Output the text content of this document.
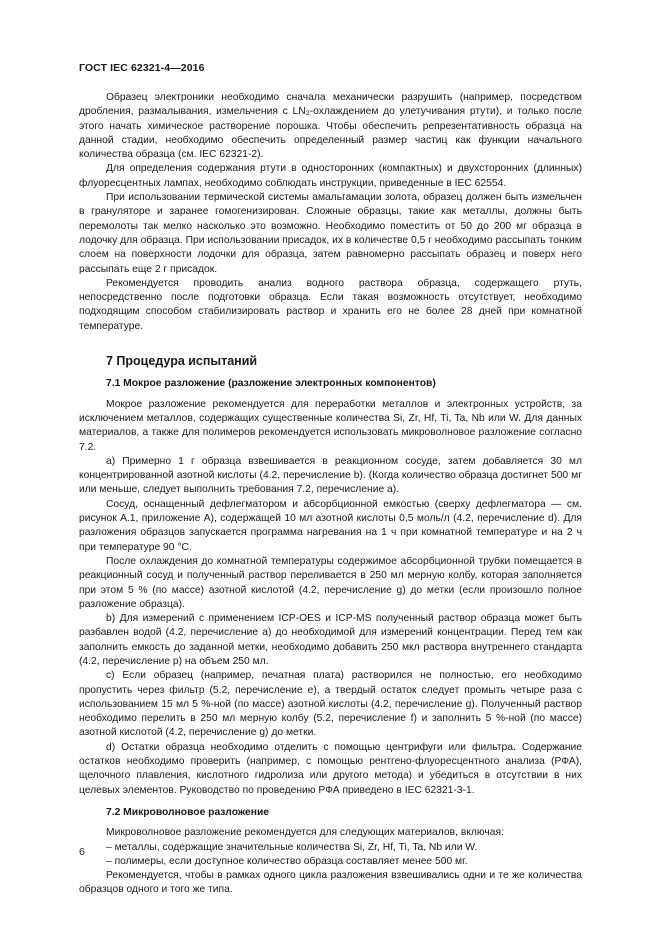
ГОСТ IEC 62321-4—2016

Образец электроники необходимо сначала механически разрушить (например, посредством дробления, размалывания, измельчения с LN₂-охлаждением до улетучивания ртути), и только после этого начать химическое растворение порошка. Чтобы обеспечить репрезентативность образца на данной стадии, необходимо обеспечить определенный размер частиц как функции начального количества образца (см. IEC 62321-2).

Для определения содержания ртути в односторонних (компактных) и двухсторонних (длинных) флуоресцентных лампах, необходимо соблюдать инструкции, приведенные в IEC 62554.

При использовании термической системы амальгамации золота, образец должен быть измельчен в грануляторе и заранее гомогенизирован. Сложные образцы, такие как металлы, должны быть перемолоты так мелко насколько это возможно. Необходимо поместить от 50 до 200 мг образца в лодочку для образца. При использовании присадок, их в количестве 0,5 г необходимо рассыпать тонким слоем на поверхности лодочки для образца, затем равномерно рассыпать образец и поверх него рассыпать еще 2 г присадок.

Рекомендуется проводить анализ водного раствора образца, содержащего ртуть, непосредственно после подготовки образца. Если такая возможность отсутствует, необходимо подходящим способом стабилизировать раствор и хранить его не более 28 дней при комнатной температуре.

7 Процедура испытаний
7.1 Мокрое разложение (разложение электронных компонентов)

Мокрое разложение рекомендуется для переработки металлов и электронных устройств, за исключением металлов, содержащих существенные количества Si, Zr, Hf, Ti, Ta, Nb или W. Для данных материалов, а также для полимеров рекомендуется использовать микроволновое разложение согласно 7.2.

а) Примерно 1 г образца взвешивается в реакционном сосуде, затем добавляется 30 мл концентрированной азотной кислоты (4.2, перечисление b). (Когда количество образца достигнет 500 мг или меньше, следует выполнить требования 7.2, перечисление а).

Сосуд, оснащенный дефлегматором и абсорбционной емкостью (сверху дефлегматора — см. рисунок А.1, приложение А), содержащей 10 мл азотной кислоты 0,5 моль/л (4.2, перечисление d). Для разложения образцов запускается программа нагревания на 1 ч при комнатной температуре и на 2 ч при температуре 90 °С.

После охлаждения до комнатной температуры содержимое абсорбционной трубки помещается в реакционный сосуд и полученный раствор переливается в 250 мл мерную колбу, которая заполняется при этом 5 % (по массе) азотной кислотой (4.2, перечисление g) до метки (если произошло полное разложение образца).

b) Для измерений с применением ICP-OES и ICP-MS полученный раствор образца может быть разбавлен водой (4.2, перечисление а) до необходимой для измерений концентрации. Перед тем как заполнить емкость до заданной метки, необходимо добавить 250 мкл раствора внутреннего стандарта (4.2, перечисление р) на объем 250 мл.

с) Если образец (например, печатная плата) растворился не полностью, его необходимо пропустить через фильтр (5.2, перечисление е), а твердый остаток следует промыть четыре раза с использованием 15 мл 5 %-ной (по массе) азотной кислоты (4.2, перечисление g). Полученный раствор необходимо перелить в 250 мл мерную колбу (5.2, перечисление f) и заполнить 5 %-ной (по массе) азотной кислотой (4.2, перечисление g) до метки.

d) Остатки образца необходимо отделить с помощью центрифуги или фильтра. Содержание остатков необходимо проверить (например, с помощью рентгено-флуоресцентного анализа (РФА), щелочного плавления, кислотного гидролиза или другого метода) и убедиться в отсутствии в них целевых элементов. Руководство по проведению РФА приведено в IEC 62321-3-1.

7.2 Микроволновое разложение

Микроволновое разложение рекомендуется для следующих материалов, включая:

– металлы, содержащие значительные количества Si, Zr, Hf, Ti, Ta, Nb или W.

– полимеры, если доступное количество образца составляет менее 500 мг.

Рекомендуется, чтобы в рамках одного цикла разложения взвешивались одни и те же количества образцов одного и того же типа.

6
